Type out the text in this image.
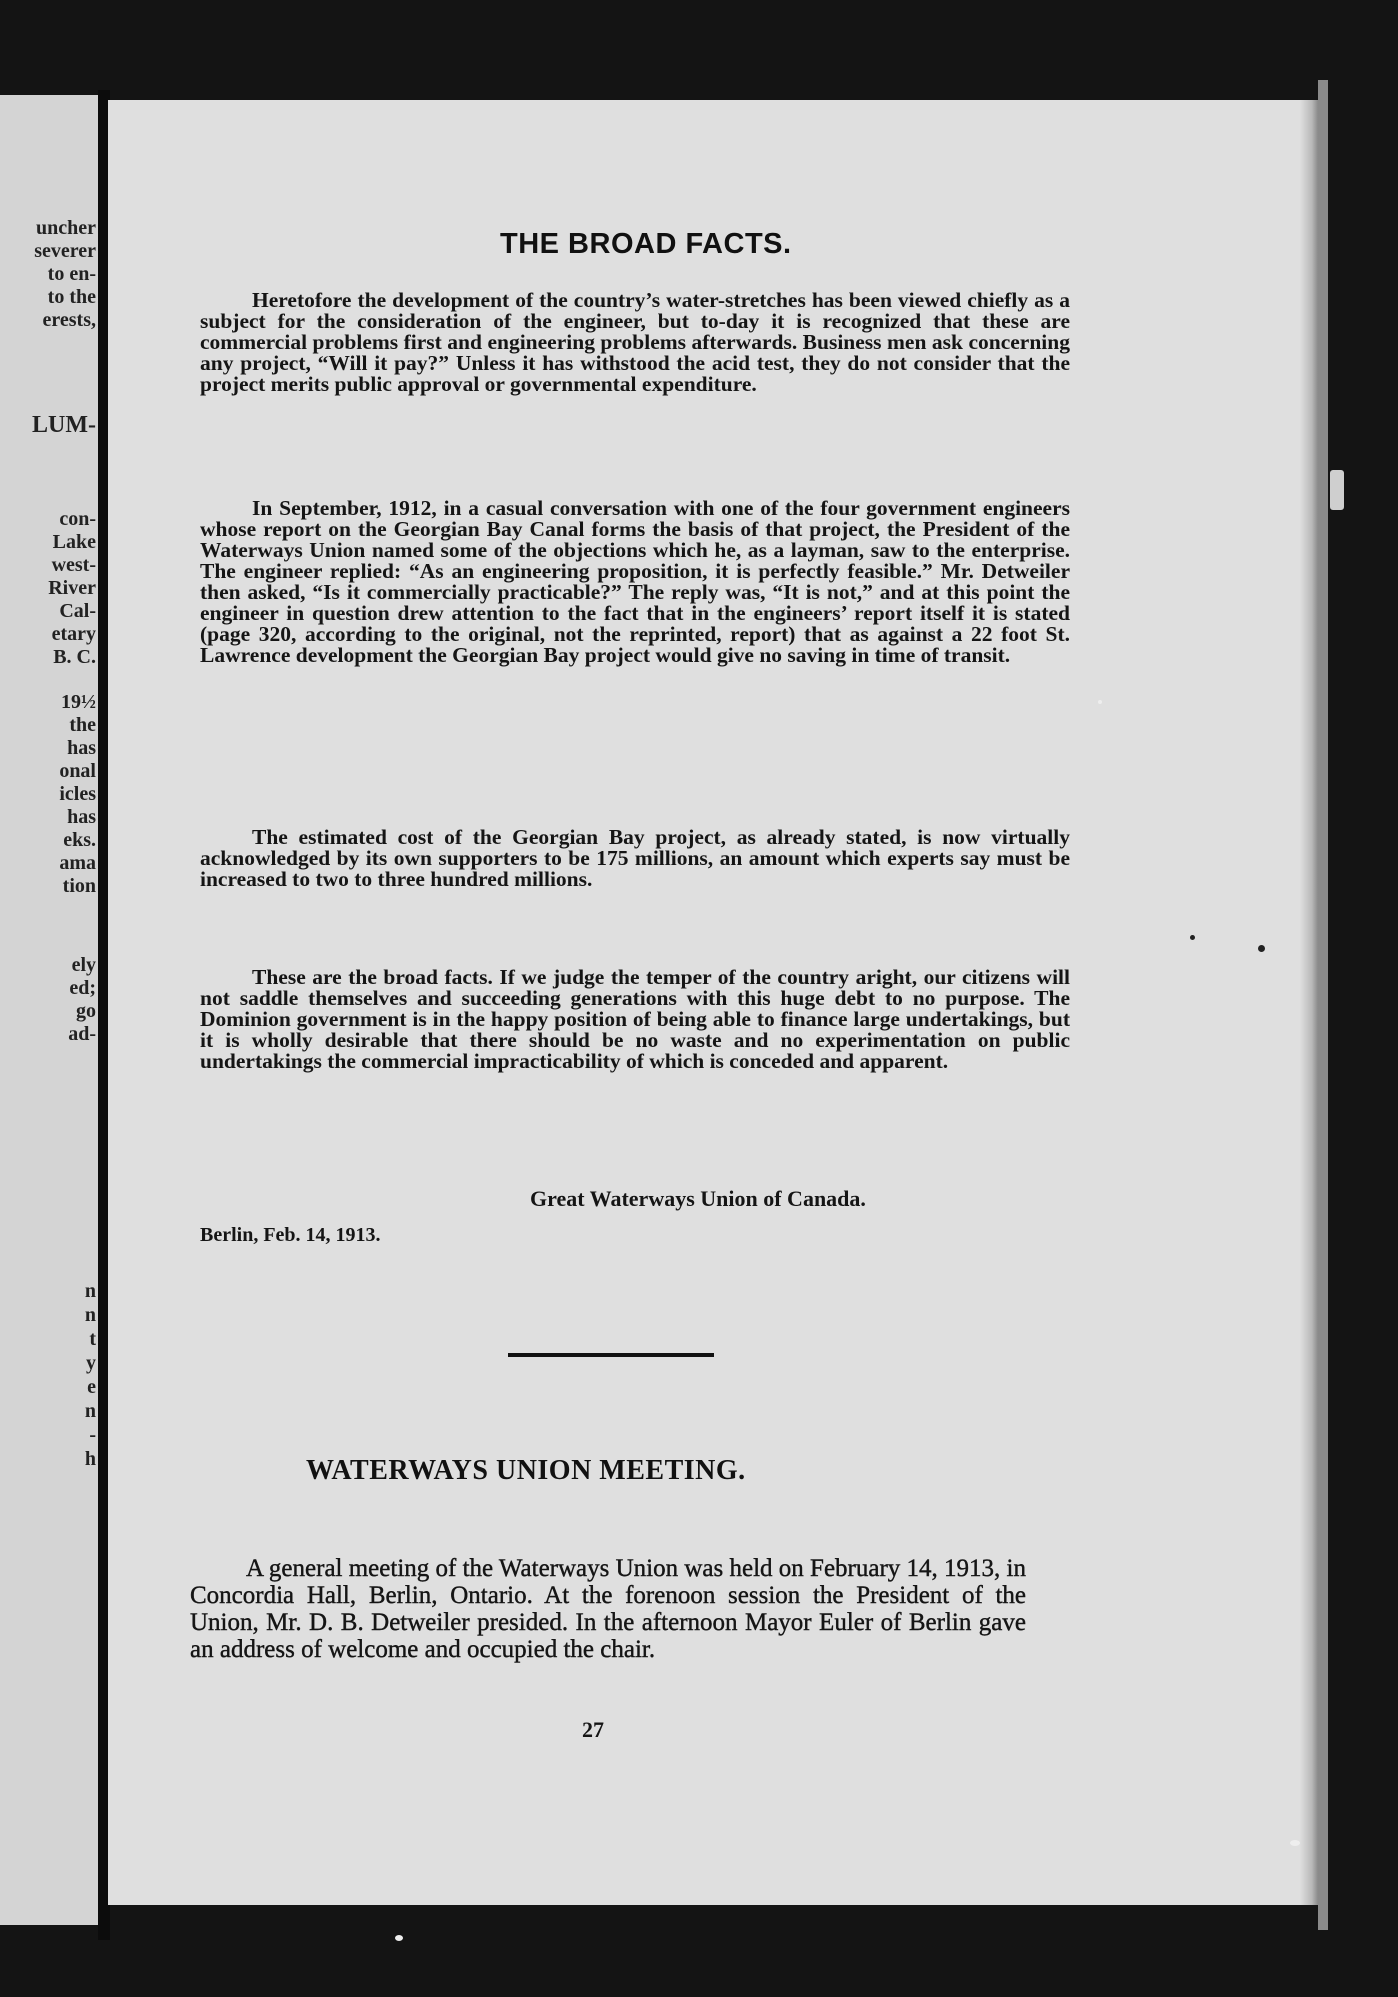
uncher
severer
to en-
to the
erests,
LUM-
con-
Lake
west-
River
Cal-
etary
B. C.
19½
the
has
onal
icles
has
eks.
ama
tion
ely
ed;
go
ad-
n
n
t
y
e
n
-
h
THE BROAD FACTS.

Heretofore the development of the country’s water-stretches has been viewed chiefly as a subject for the consideration of the engineer, but to-day it is recognized that these are commercial problems first and engineering problems afterwards. Business men ask concerning any project, “Will it pay?” Unless it has withstood the acid test, they do not consider that the project merits public approval or governmental expenditure.

In September, 1912, in a casual conversation with one of the four government engineers whose report on the Georgian Bay Canal forms the basis of that project, the President of the Waterways Union named some of the objections which he, as a layman, saw to the enterprise. The engineer replied: “As an engineering proposition, it is perfectly feasible.” Mr. Detweiler then asked, “Is it commercially practicable?” The reply was, “It is not,” and at this point the engineer in question drew attention to the fact that in the engineers’ report itself it is stated (page 320, according to the original, not the reprinted, report) that as against a 22 foot St. Lawrence development the Georgian Bay project would give no saving in time of transit.

The estimated cost of the Georgian Bay project, as already stated, is now virtually acknowledged by its own supporters to be 175 millions, an amount which experts say must be increased to two to three hundred millions.

These are the broad facts. If we judge the temper of the country aright, our citizens will not saddle themselves and succeeding generations with this huge debt to no purpose. The Dominion government is in the happy position of being able to finance large undertakings, but it is wholly desirable that there should be no waste and no experimentation on public undertakings the commercial impracticability of which is conceded and apparent.

Great Waterways Union of Canada.
Berlin, Feb. 14, 1913.
WATERWAYS UNION MEETING.

A general meeting of the Waterways Union was held on February 14, 1913, in Concordia Hall, Berlin, Ontario. At the forenoon session the President of the Union, Mr. D. B. Detweiler presided. In the afternoon Mayor Euler of Berlin gave an address of welcome and occupied the chair.

27
